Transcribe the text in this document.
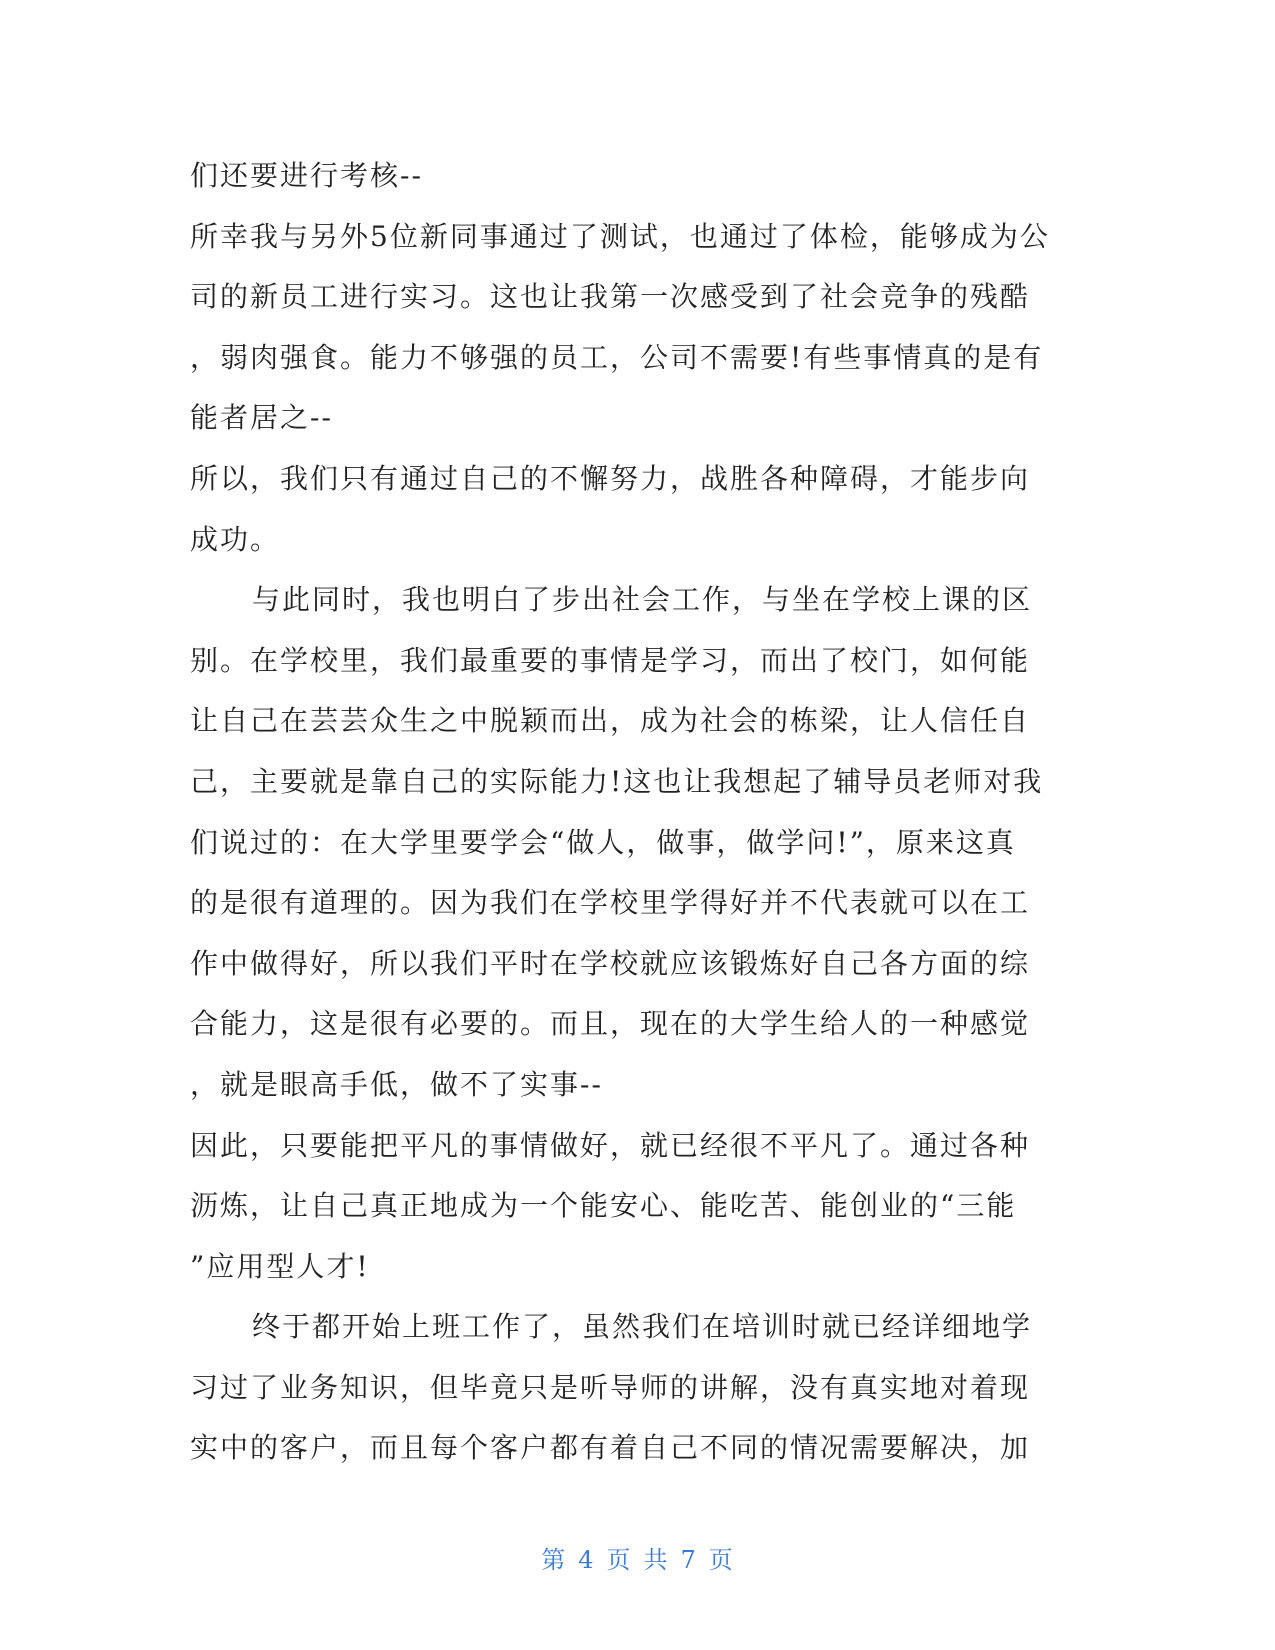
们还要进行考核--
所幸我与另外5位新同事通过了测试，也通过了体检，能够成为公
司的新员工进行实习。这也让我第一次感受到了社会竞争的残酷
，弱肉强食。能力不够强的员工，公司不需要!有些事情真的是有
能者居之--
所以，我们只有通过自己的不懈努力，战胜各种障碍，才能步向
成功。
与此同时，我也明白了步出社会工作，与坐在学校上课的区
别。在学校里，我们最重要的事情是学习，而出了校门，如何能
让自己在芸芸众生之中脱颖而出，成为社会的栋梁，让人信任自
己，主要就是靠自己的实际能力!这也让我想起了辅导员老师对我
们说过的：在大学里要学会“做人，做事，做学问!”，原来这真
的是很有道理的。因为我们在学校里学得好并不代表就可以在工
作中做得好，所以我们平时在学校就应该锻炼好自己各方面的综
合能力，这是很有必要的。而且，现在的大学生给人的一种感觉
，就是眼高手低，做不了实事--
因此，只要能把平凡的事情做好，就已经很不平凡了。通过各种
沥炼，让自己真正地成为一个能安心、能吃苦、能创业的“三能
”应用型人才!
终于都开始上班工作了，虽然我们在培训时就已经详细地学
习过了业务知识，但毕竟只是听导师的讲解，没有真实地对着现
实中的客户，而且每个客户都有着自己不同的情况需要解决，加
第 4 页 共 7 页
